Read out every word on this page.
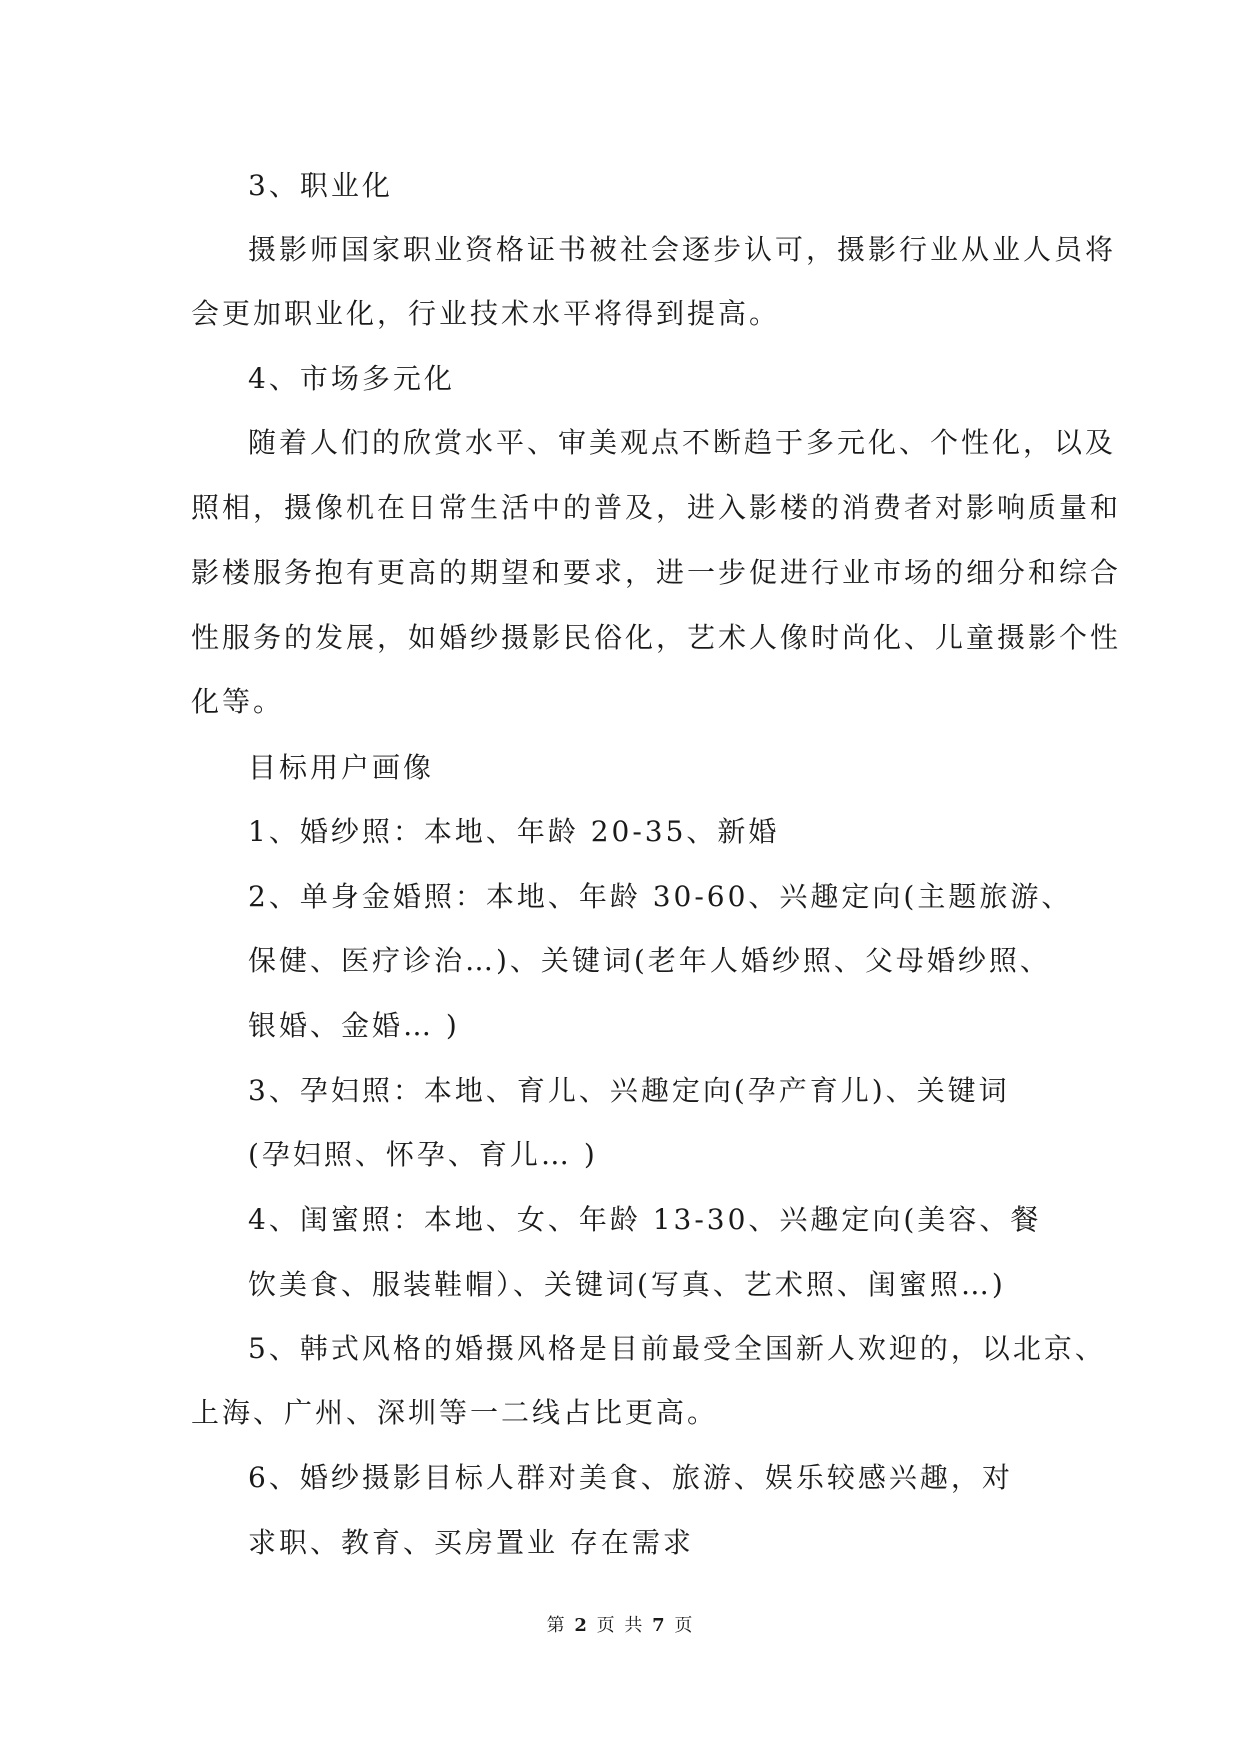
3、职业化
摄影师国家职业资格证书被社会逐步认可，摄影行业从业人员将
会更加职业化，行业技术水平将得到提高。
4、市场多元化
随着人们的欣赏水平、审美观点不断趋于多元化、个性化，以及
照相，摄像机在日常生活中的普及，进入影楼的消费者对影响质量和
影楼服务抱有更高的期望和要求，进一步促进行业市场的细分和综合
性服务的发展，如婚纱摄影民俗化，艺术人像时尚化、儿童摄影个性
化等。
目标用户画像
1、婚纱照：本地、年龄 20-35、新婚
2、单身金婚照：本地、年龄 30-60、兴趣定向(主题旅游、
保健、医疗诊治…)、关键词(老年人婚纱照、父母婚纱照、
银婚、金婚… )
3、孕妇照：本地、育儿、兴趣定向(孕产育儿)、关键词
(孕妇照、怀孕、育儿… )
4、闺蜜照：本地、女、年龄 13-30、兴趣定向(美容、餐
饮美食、服装鞋帽）、关键词(写真、艺术照、闺蜜照…)
5、韩式风格的婚摄风格是目前最受全国新人欢迎的，以北京、
上海、广州、深圳等一二线占比更高。
6、婚纱摄影目标人群对美食、旅游、娱乐较感兴趣，对
求职、教育、买房置业 存在需求
第 2 页 共 7 页
